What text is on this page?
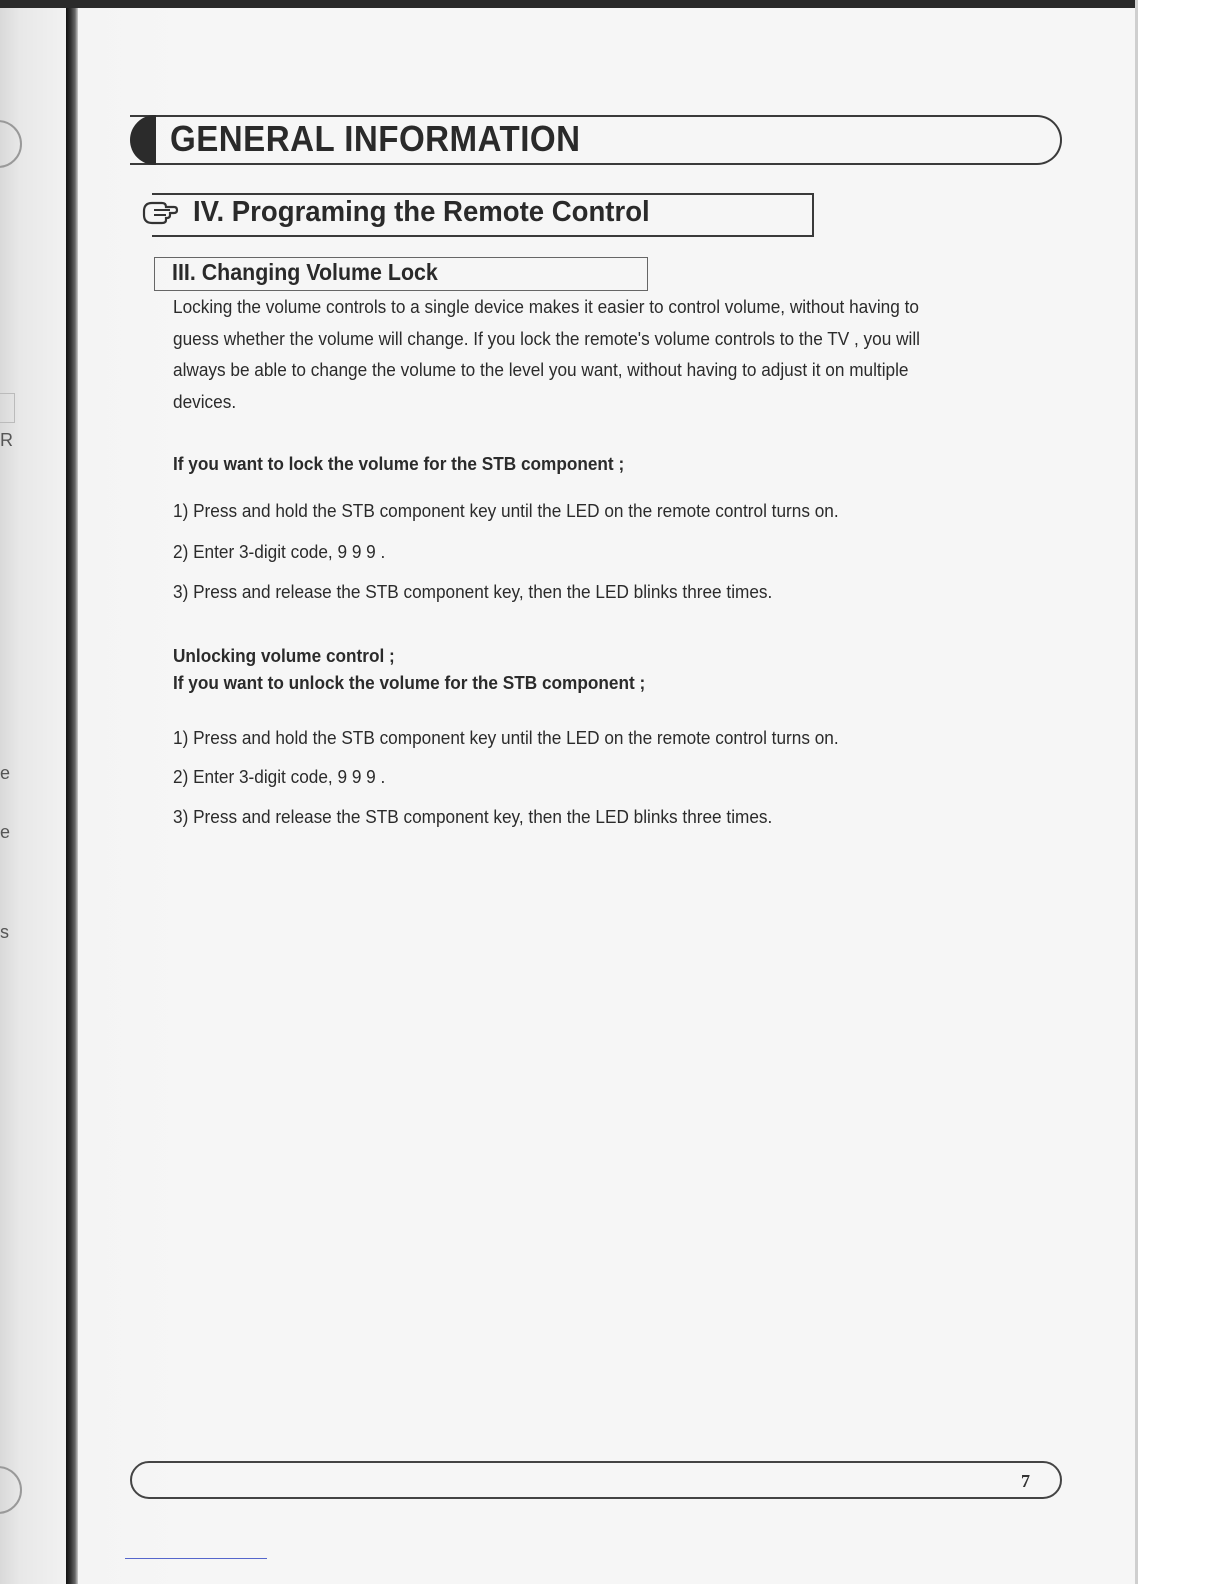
R
e
e
s
GENERAL INFORMATION
IV. Programing the Remote Control
III. Changing Volume Lock
Locking the volume controls to a single device makes it easier to control volume, without having to guess whether the volume will change. If you lock the remote's volume controls to the TV , you will always be able to change the volume to the level you want, without having to adjust it on multiple devices.
If you want to lock the volume for the STB component ;
1) Press and hold the STB component key until the LED on the remote control turns on.
2) Enter 3-digit code, 9 9 9 .
3) Press and release the STB component key, then the LED blinks three times.
Unlocking volume control ;
If you want to unlock the volume for the STB component ;
1) Press and hold the STB component key until the LED on the remote control turns on.
2) Enter 3-digit code, 9 9 9 .
3) Press and release the STB component key, then the LED blinks three times.
7
